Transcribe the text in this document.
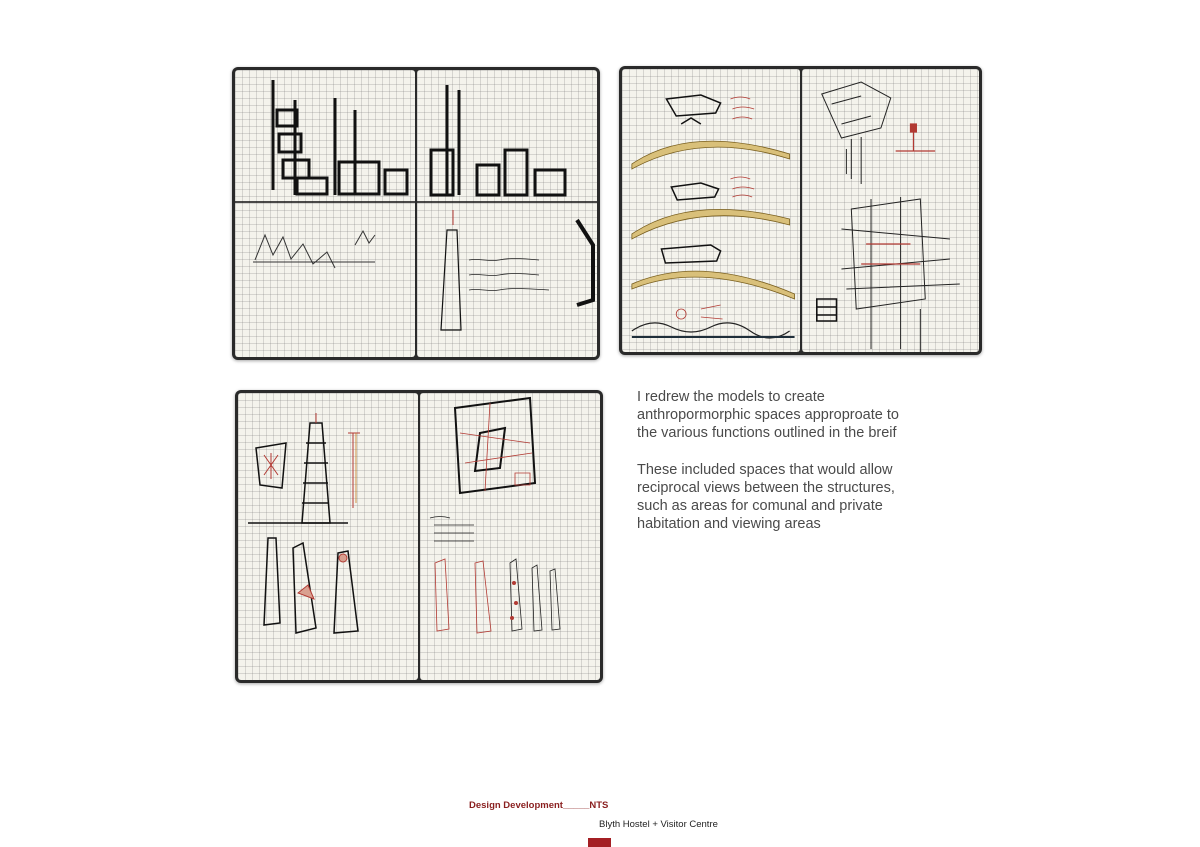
I redrew the models to create anthropormorphic spaces approproate to the various functions outlined in the breif

These included spaces that would allow reciprocal views between the structures, such as areas for comunal and private habitation and viewing areas

Design Development_____NTS
Blyth Hostel + Visitor Centre
